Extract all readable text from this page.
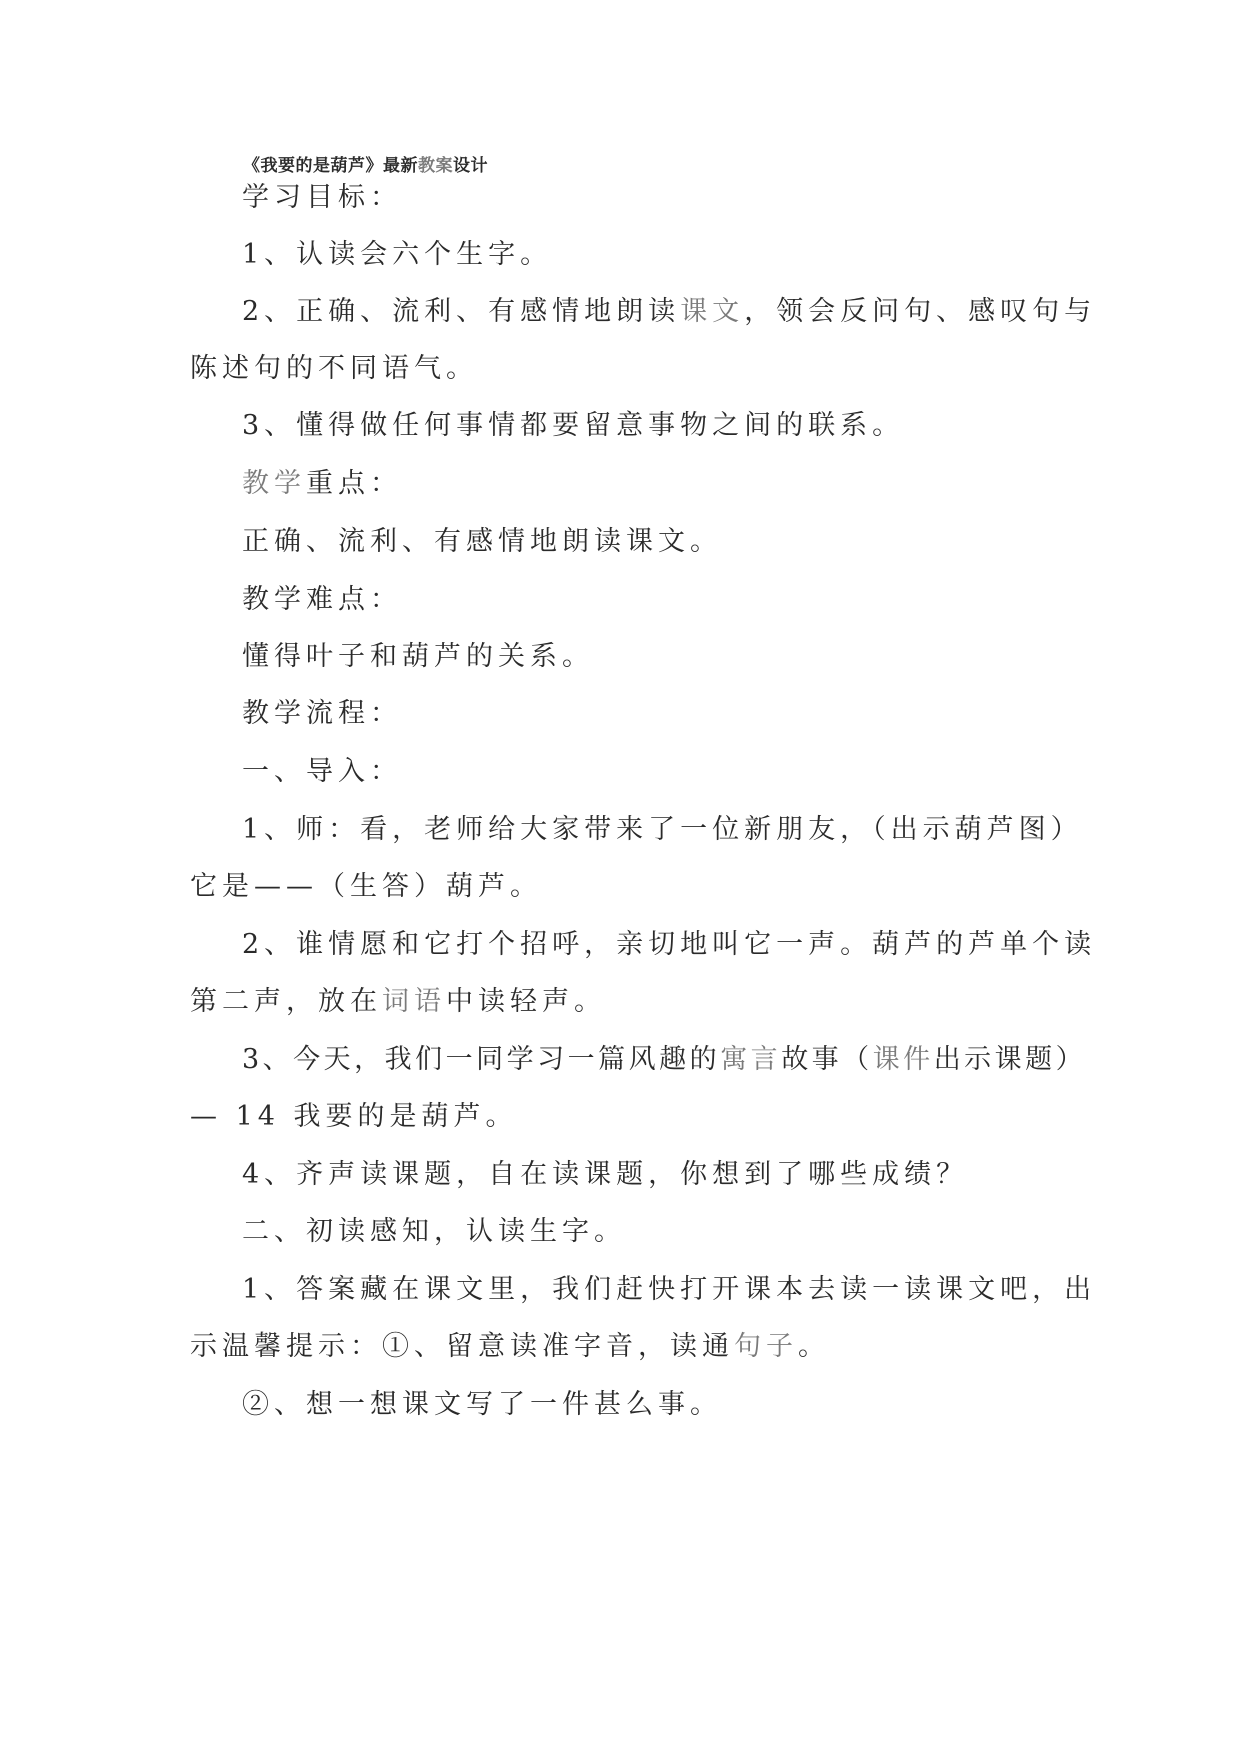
《我要的是葫芦》最新教案设计
学习目标：
1、认读会六个生字。
2、正确、流利、有感情地朗读课文，领会反问句、感叹句与
陈述句的不同语气。
3、懂得做任何事情都要留意事物之间的联系。
教学重点：
正确、流利、有感情地朗读课文。
教学难点：
懂得叶子和葫芦的关系。
教学流程：
一、导入：
1、师：看，老师给大家带来了一位新朋友，（出示葫芦图）
它是——（生答）葫芦。
2、谁情愿和它打个招呼，亲切地叫它一声。葫芦的芦单个读
第二声，放在词语中读轻声。
3、今天，我们一同学习一篇风趣的寓言故事（课件出示课题）
— 14 我要的是葫芦。
4、齐声读课题，自在读课题，你想到了哪些成绩？
二、初读感知，认读生字。
1、答案藏在课文里，我们赶快打开课本去读一读课文吧，出
示温馨提示：①、留意读准字音，读通句子。
②、想一想课文写了一件甚么事。
